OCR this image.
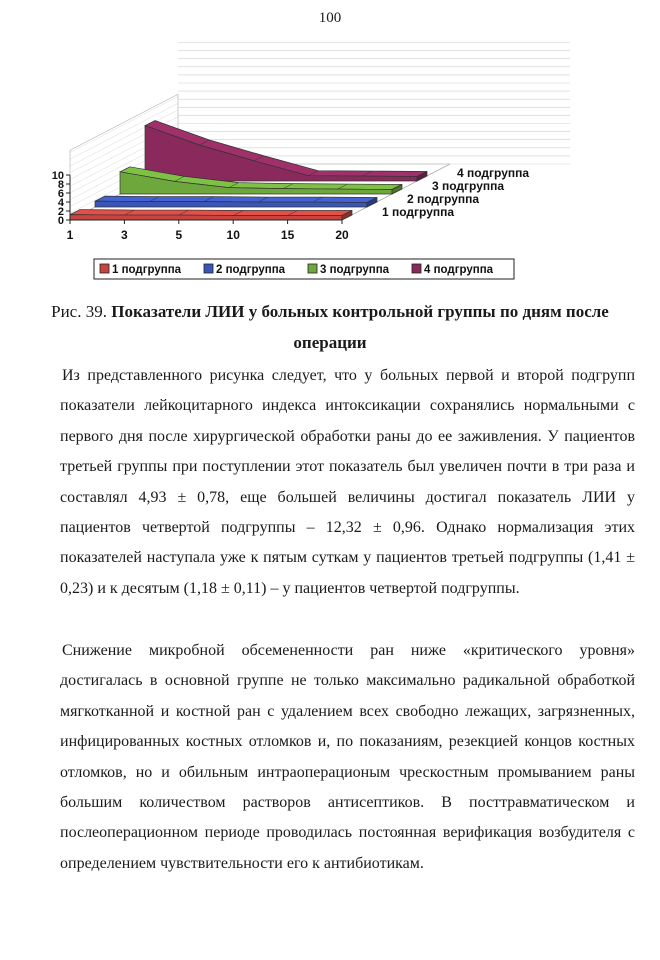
100
4 подгруппа
3 подгруппа
2 подгруппа
1 подгруппа
0
2
4
6
8
10
1	3	5	10	15	20
1 подгруппа	2 подгруппа	3 подгруппа	4 подгруппа
Рис. 39. Показатели ЛИИ у больных контрольной группы по дням после операции

Из представленного рисунка следует, что у больных первой и второй подгрупп показатели лейкоцитарного индекса интоксикации сохранялись нормальными с первого дня после хирургической обработки раны до ее заживления. У пациентов третьей группы при поступлении этот показатель был увеличен почти в три раза и составлял 4,93 ± 0,78, еще большей величины достигал показатель ЛИИ у пациентов четвертой подгруппы – 12,32 ± 0,96. Однако нормализация этих показателей наступала уже к пятым суткам у пациентов третьей подгруппы (1,41 ± 0,23) и к десятым (1,18 ± 0,11) – у пациентов четвертой подгруппы.

Снижение микробной обсемененности ран ниже «критического уровня» достигалась в основной группе не только максимально радикальной обработкой мягкотканной и костной ран с удалением всех свободно лежащих, загрязненных, инфицированных костных отломков и, по показаниям, резекцией концов костных отломков, но и обильным интраоперационым чрескостным промыванием раны большим количеством растворов антисептиков. В посттравматическом и послеоперационном периоде проводилась постоянная верификация возбудителя с определением чувствительности его к антибиотикам.
